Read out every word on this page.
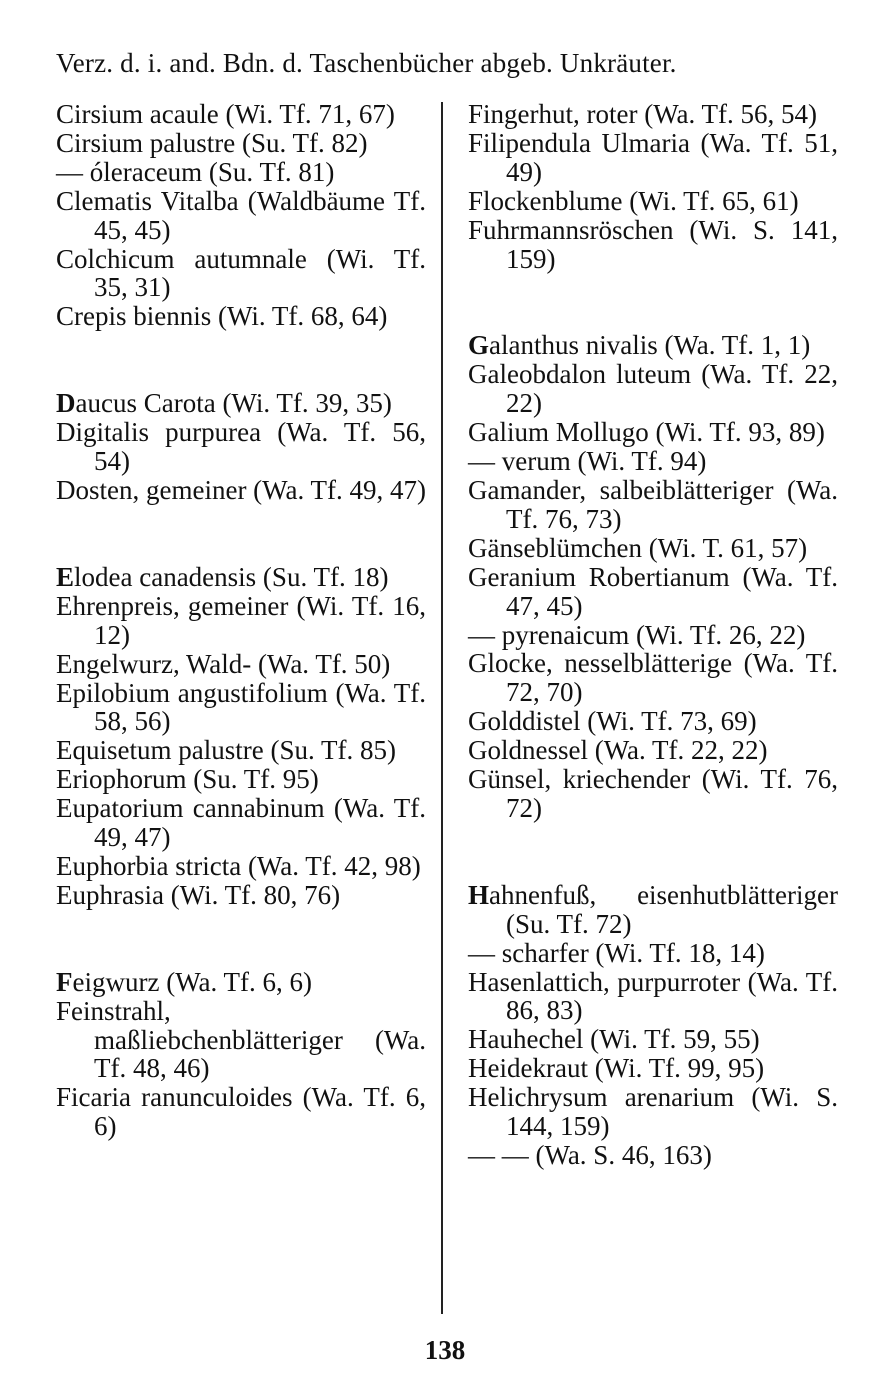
Verz. d. i. and. Bdn. d. Taschenbücher abgeb. Unkräuter.
Cirsium acaule (Wi. Tf. 71, 67)
Cirsium palustre (Su. Tf. 82)
— óleraceum (Su. Tf. 81)
Clematis Vitalba (Waldbäume Tf. 45, 45)
Colchicum autumnale (Wi. Tf. 35, 31)
Crepis biennis (Wi. Tf. 68, 64)
Daucus Carota (Wi. Tf. 39, 35)
Digitalis purpurea (Wa. Tf. 56, 54)
Dosten, gemeiner (Wa. Tf. 49, 47)
Elodea canadensis (Su. Tf. 18)
Ehrenpreis, gemeiner (Wi. Tf. 16, 12)
Engelwurz, Wald- (Wa. Tf. 50)
Epilobium angustifolium (Wa. Tf. 58, 56)
Equisetum palustre (Su. Tf. 85)
Eriophorum (Su. Tf. 95)
Eupatorium cannabinum (Wa. Tf. 49, 47)
Euphorbia stricta (Wa. Tf. 42, 98)
Euphrasia (Wi. Tf. 80, 76)
Feigwurz (Wa. Tf. 6, 6)
Feinstrahl, maßliebchenblätteriger (Wa. Tf. 48, 46)
Ficaria ranunculoides (Wa. Tf. 6, 6)
Fingerhut, roter (Wa. Tf. 56, 54)
Filipendula Ulmaria (Wa. Tf. 51, 49)
Flockenblume (Wi. Tf. 65, 61)
Fuhrmannsröschen (Wi. S. 141, 159)
Galanthus nivalis (Wa. Tf. 1, 1)
Galeobdalon luteum (Wa. Tf. 22, 22)
Galium Mollugo (Wi. Tf. 93, 89)
— verum (Wi. Tf. 94)
Gamander, salbeiblätteriger (Wa. Tf. 76, 73)
Gänseblümchen (Wi. T. 61, 57)
Geranium Robertianum (Wa. Tf. 47, 45)
— pyrenaicum (Wi. Tf. 26, 22)
Glocke, nesselblätterige (Wa. Tf. 72, 70)
Golddistel (Wi. Tf. 73, 69)
Goldnessel (Wa. Tf. 22, 22)
Günsel, kriechender (Wi. Tf. 76, 72)
Hahnenfuß, eisenhutblätteriger (Su. Tf. 72)
— scharfer (Wi. Tf. 18, 14)
Hasenlattich, purpurroter (Wa. Tf. 86, 83)
Hauhechel (Wi. Tf. 59, 55)
Heidekraut (Wi. Tf. 99, 95)
Helichrysum arenarium (Wi. S. 144, 159)
— — (Wa. S. 46, 163)
138
